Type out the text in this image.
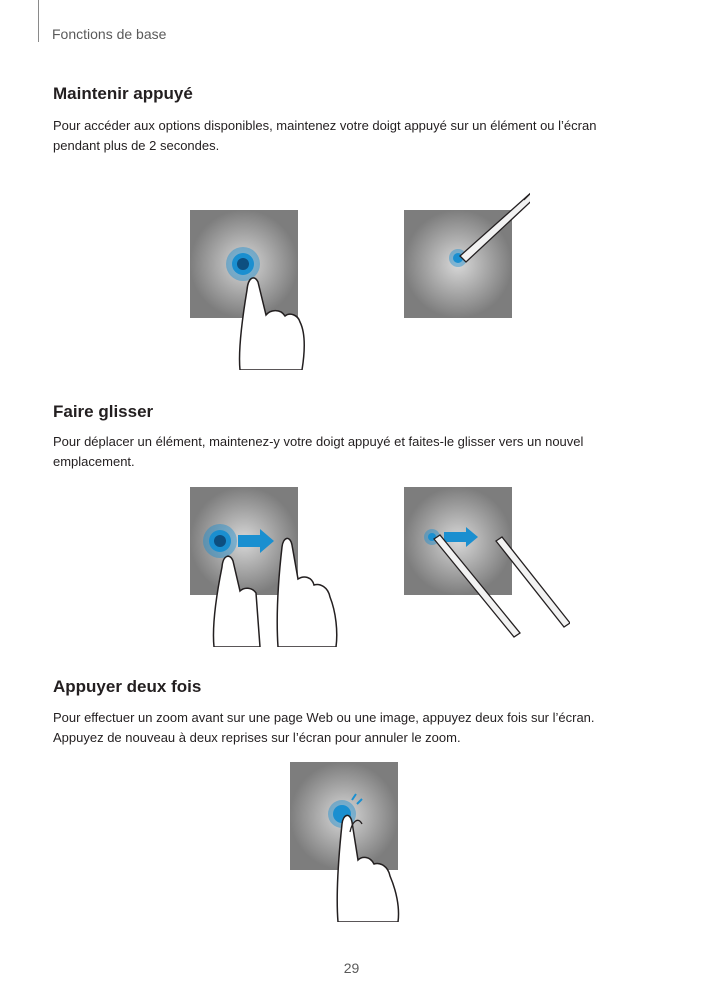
Fonctions de base
Maintenir appuyé
Pour accéder aux options disponibles, maintenez votre doigt appuyé sur un élément ou l’écran
pendant plus de 2 secondes.
Faire glisser
Pour déplacer un élément, maintenez-y votre doigt appuyé et faites-le glisser vers un nouvel
emplacement.
Appuyer deux fois
Pour effectuer un zoom avant sur une page Web ou une image, appuyez deux fois sur l’écran.
Appuyez de nouveau à deux reprises sur l’écran pour annuler le zoom.
29
